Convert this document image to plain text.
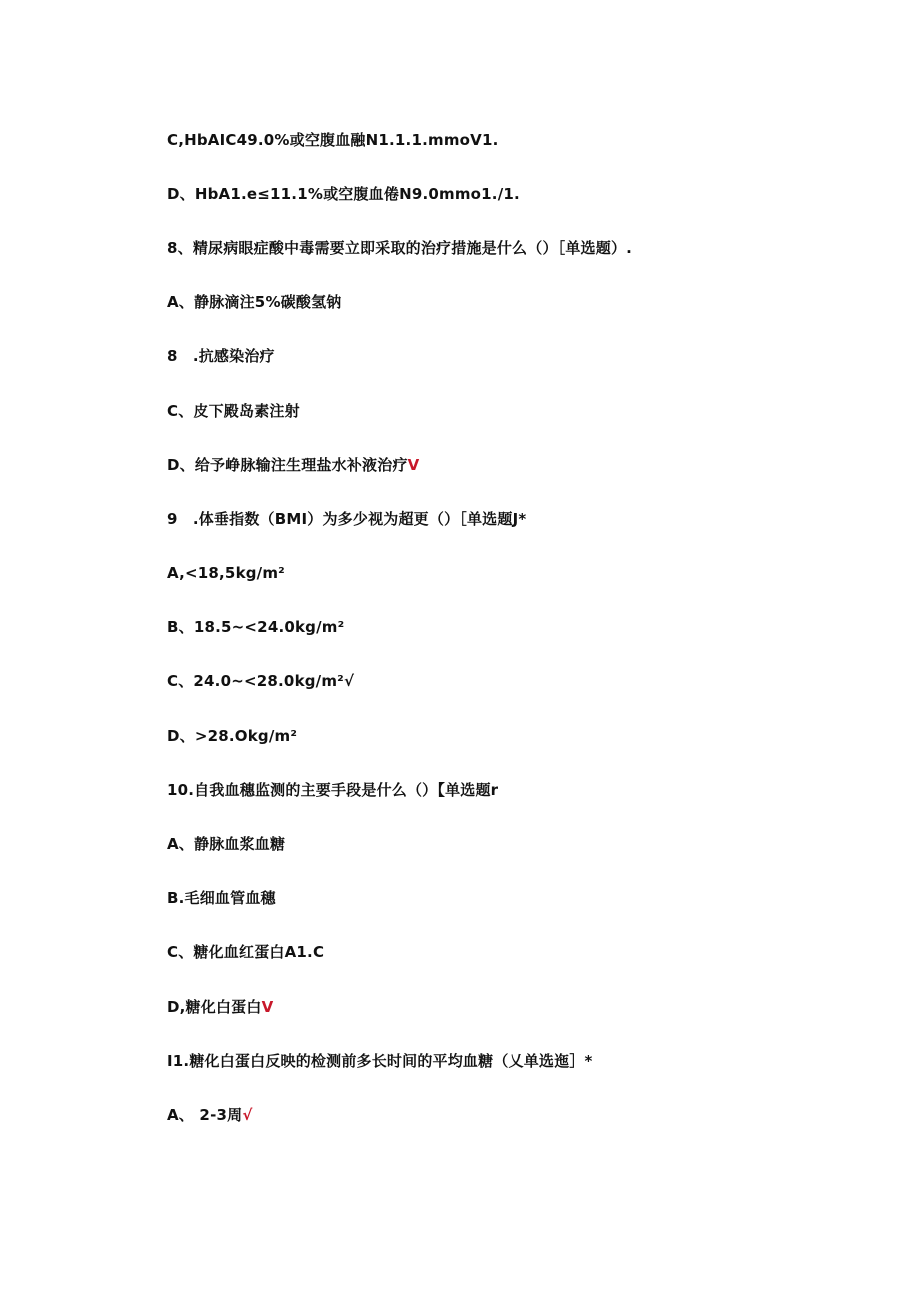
C,HbAIC49.0%或空腹血融N1.1.1.mmoV1.
D、HbA1.e≤11.1%或空腹血倦N9.0mmo1./1.
8、精尿病眼症酸中毒需要立即采取的治疗措施是什么（）［单选题）.
A、静脉滴注5%碳酸氢钠
8　.抗感染治疗
C、皮下殿岛素注射
D、给予峥脉输注生理盐水补液治疗V
9　.体垂指数（BMI）为多少视为超更（）［单选题J*
A,<18,5kg/m²
B、18.5~<24.0kg/m²
C、24.0~<28.0kg/m²√
D、>28.Okg/m²
10.自我血穗监测的主要手段是什么（）【单选题r
A、静脉血浆血糖
B.毛细血管血穗
C、糖化血红蛋白A1.C
D,糖化白蛋白V
I1.糖化白蛋白反映的检测前多长时间的平均血糖（乂单选迤］*
A、 2-3周√
